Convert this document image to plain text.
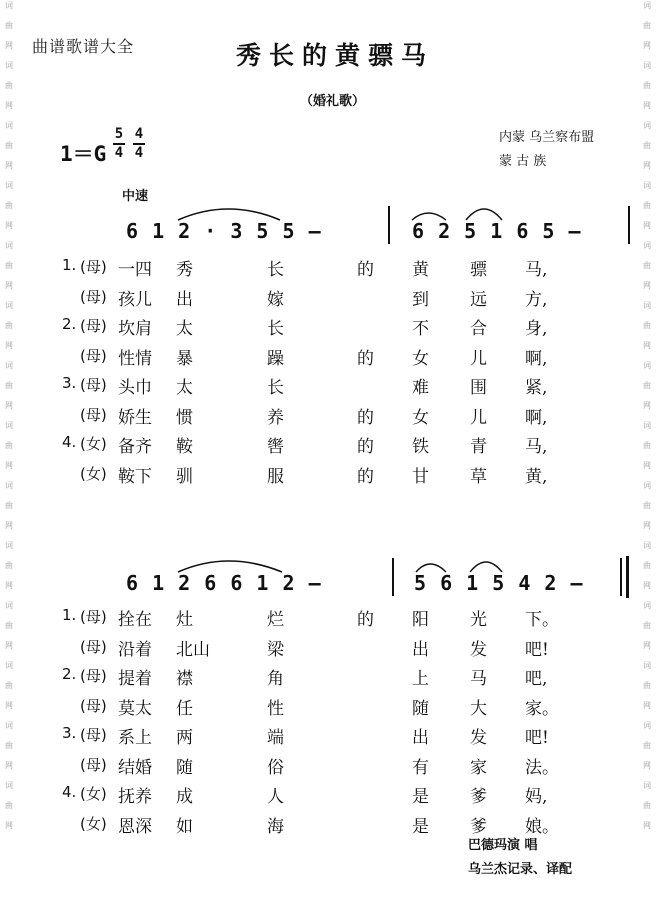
词
曲
网
词
曲
网
词
曲
网
词
曲
网
词
曲
网
词
曲
网
词
曲
网
词
曲
网
词
曲
网
词
曲
网
词
曲
网
词
曲
网
词
曲
网
词
曲
网
词
曲
网
词
曲
网
词
曲
网
词
曲
网
词
曲
网
词
曲
网
词
曲
网
词
曲
网
词
曲
网
词
曲
网
词
曲
网
词
曲
网
词
曲
网
词
曲
网
曲谱歌谱大全	秀长的黄骠马
（婚礼歌）
1＝G
5
4
4
4
内蒙 乌兰察布盟
蒙 古 族
中速
6 1 2 · 3 5 5 –	6 2 5 1 6 5 –
1. (母) 一四 秀	长	的 黄 骠 马,
(母) 孩儿 出	嫁	到 远 方,
2. (母) 坎肩 太	长	不 合 身,
(母) 性情 暴	躁	的 女 儿 啊,
3. (母) 头巾 太	长	难 围 紧,
(母) 娇生 惯	养	的 女 儿 啊,
4. (女) 备齐 鞍	辔	的 铁 青 马,
(女) 鞍下 驯	服	的 甘 草 黄,
6 1 2 6 6 1 2 –	5 6 1 5 4 2 –
1. (母) 拴在 灶	烂	的 阳 光 下。
(母) 沿着 北山	梁	出 发 吧!
2. (母) 提着 襟	角	上 马 吧,
(母) 莫太 任	性	随 大 家。
3. (母) 系上 两	端	出 发 吧!
(母) 结婚 随	俗	有 家 法。
4. (女) 抚养 成	人	是 爹 妈,
(女) 恩深 如	海	是 爹 娘。
巴德玛演 唱
乌兰杰记录、译配
